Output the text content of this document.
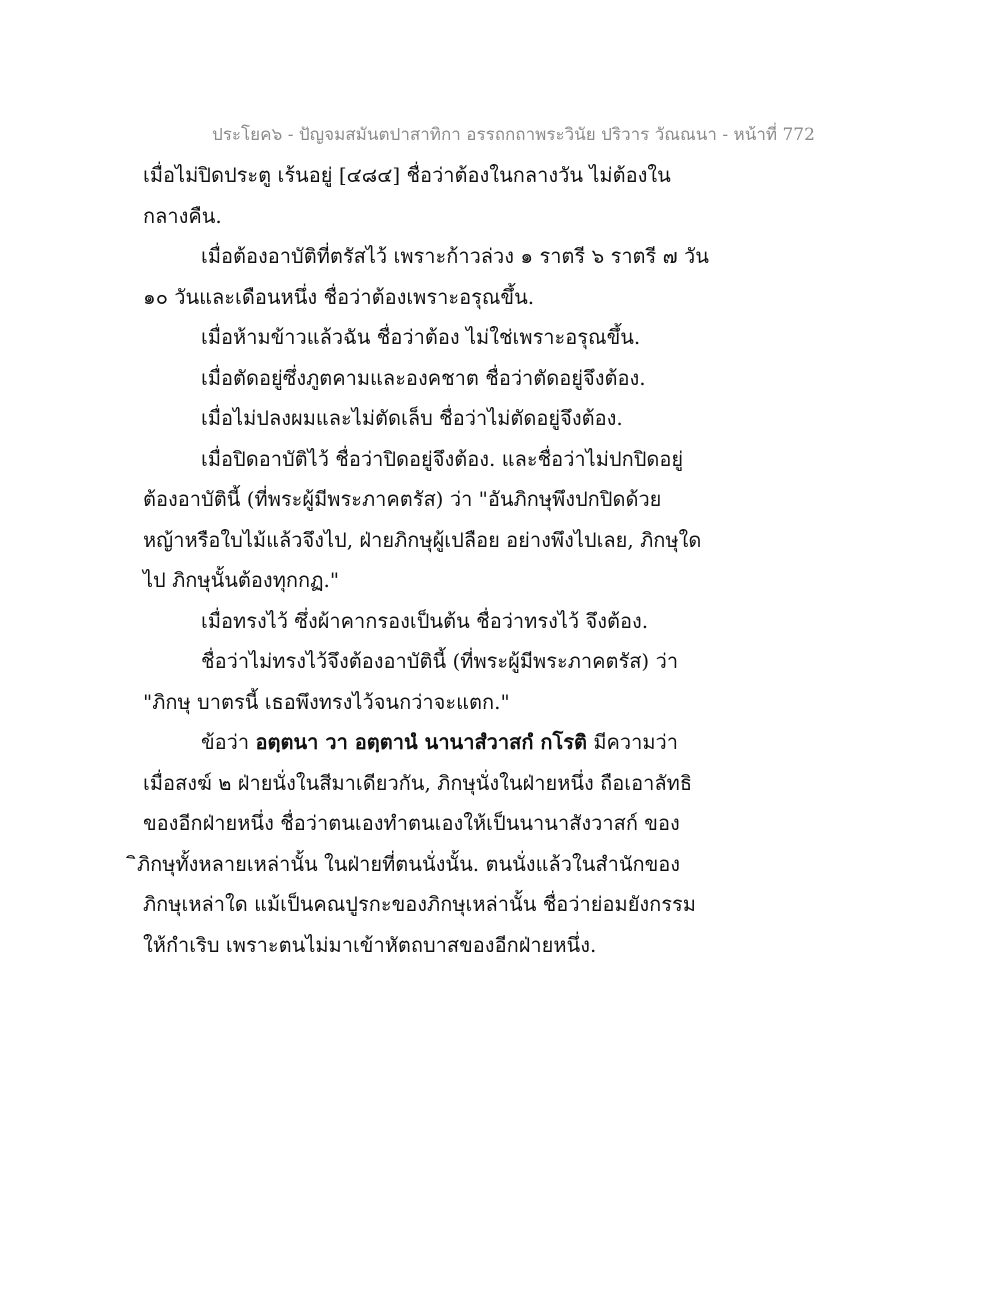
ประโยค๖ - ปัญจมสมันตปาสาทิกา อรรถกถาพระวินัย ปริวาร วัณณนา - หน้าที่ 772
เมื่อไม่ปิดประตู เร้นอยู่ [๔๘๔] ชื่อว่าต้องในกลางวัน ไม่ต้องใน
กลางคืน.
เมื่อต้องอาบัติที่ตรัสไว้ เพราะก้าวล่วง ๑ ราตรี ๖ ราตรี ๗ วัน
๑๐ วันและเดือนหนึ่ง ชื่อว่าต้องเพราะอรุณขึ้น.
เมื่อห้ามข้าวแล้วฉัน ชื่อว่าต้อง ไม่ใช่เพราะอรุณขึ้น.
เมื่อตัดอยู่ซึ่งภูตคามและองคชาต ชื่อว่าตัดอยู่จึงต้อง.
เมื่อไม่ปลงผมและไม่ตัดเล็บ ชื่อว่าไม่ตัดอยู่จึงต้อง.
เมื่อปิดอาบัติไว้ ชื่อว่าปิดอยู่จึงต้อง. และชื่อว่าไม่ปกปิดอยู่
ต้องอาบัตินี้ (ที่พระผู้มีพระภาคตรัส) ว่า "อันภิกษุพึงปกปิดด้วย
หญ้าหรือใบไม้แล้วจึงไป, ฝ่ายภิกษุผู้เปลือย อย่างพึงไปเลย, ภิกษุใด
ไป ภิกษุนั้นต้องทุกกฏ."
เมื่อทรงไว้ ซึ่งผ้าคากรองเป็นต้น ชื่อว่าทรงไว้ จึงต้อง.
ชื่อว่าไม่ทรงไว้จึงต้องอาบัตินี้ (ที่พระผู้มีพระภาคตรัส) ว่า
"ภิกษุ บาตรนี้ เธอพึงทรงไว้จนกว่าจะแตก."
ข้อว่า อตฺตนา วา อตฺตานํ นานาสํวาสกํ กโรติ มีความว่า
เมื่อสงฆ์ ๒ ฝ่ายนั่งในสีมาเดียวกัน, ภิกษุนั่งในฝ่ายหนึ่ง ถือเอาลัทธิ
ของอีกฝ่ายหนึ่ง ชื่อว่าตนเองทำตนเองให้เป็นนานาสังวาสก์ ของ
ิภิกษุทั้งหลายเหล่านั้น ในฝ่ายที่ตนนั่งนั้น. ตนนั่งแล้วในสำนักของ
ภิกษุเหล่าใด แม้เป็นคณปูรกะของภิกษุเหล่านั้น ชื่อว่าย่อมยังกรรม
ให้กำเริบ เพราะตนไม่มาเข้าหัตถบาสของอีกฝ่ายหนึ่ง.
